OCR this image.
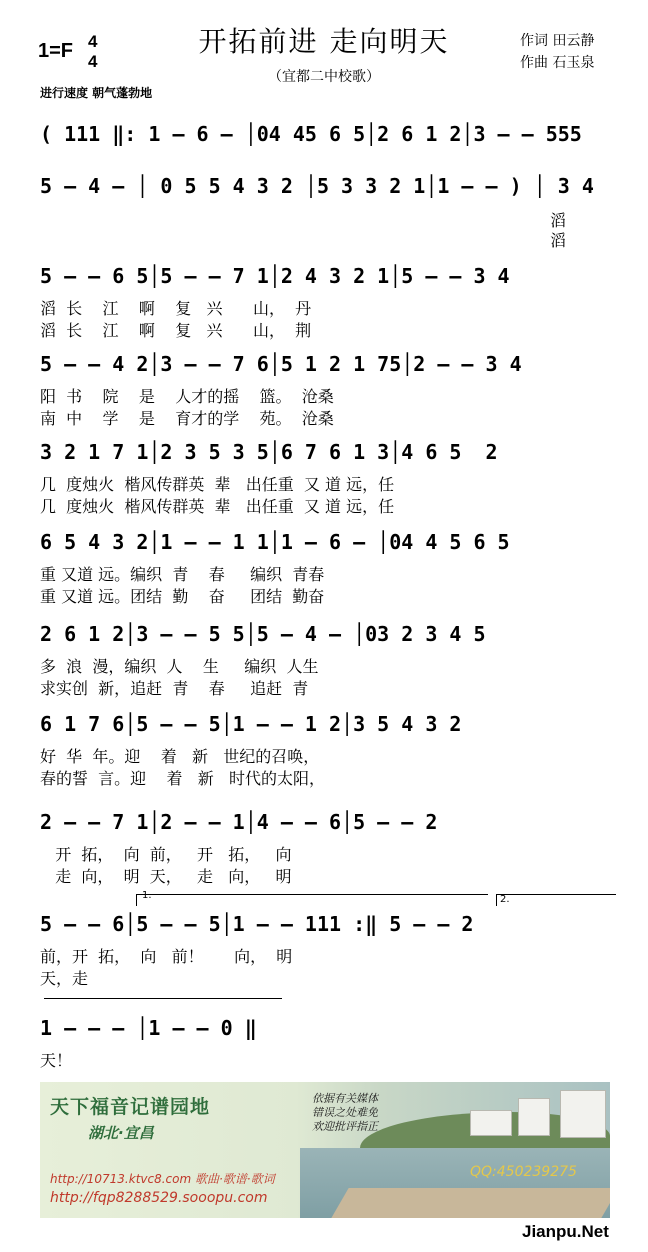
开拓前进 走向明天
（宜都二中校歌）
1=F 4
4
进行速度 朝气蓬勃地
作词 田云静
作曲 石玉泉
( 111 ‖: 1 – 6 – │04 45 6 5│2 6 1 2│3 – – 555
5 – 4 – │ 0 5 5 4 3 2 │5 3 3 2 1│1 – – ) │ 3 4
滔
滔
5 – – 6 5│5 – – 7 1│2 4 3 2 1│5 – – 3 4
滔  长    江    啊    复   兴      山，  丹
滔  长    江    啊    复   兴      山，  荆
5 – – 4 2│3 – – 7 6│5 1 2 1 75│2 – – 3 4
阳  书    院    是    人才的摇    篮。  沧桑
南  中    学    是    育才的学    苑。  沧桑
3 2 1 7 1│2 3 5 3 5│6 7 6 1 3│4 6 5  2
几  度烛火  楷风传群英  辈   出任重  又 道 远，任
几  度烛火  楷风传群英  辈   出任重  又 道 远，任
6 5 4 3 2│1 – – 1 1│1 – 6 – │04 4 5 6 5
重 又道 远。编织  青    春     编织  青春
重 又道 远。团结  勤    奋     团结  勤奋
2 6 1 2│3 – – 5 5│5 – 4 – │03 2 3 4 5
多  浪  漫，编织  人    生     编织  人生
求实创  新，追赶  青    春     追赶  青
6 1 7 6│5 – – 5│1 – – 1 2│3 5 4 3 2
好  华  年。迎    着   新   世纪的召唤，
春的誓  言。迎    着   新   时代的太阳，
2 – – 7 1│2 – – 1│4 – – 6│5 – – 2
开  拓，  向  前，   开   拓，   向
走  向，  明  天，   走   向，   明
1.	2.
5 – – 6│5 – – 5│1 – – 111 :‖ 5 – – 2
前，开  拓，  向   前！      向，  明
天，走
1 – – – │1 – – 0 ‖
天！
天下福音记谱园地
湖北·宜昌
依据有关媒体
错误之处难免
欢迎批评指正
http://10713.ktvc8.com 歌曲·歌谱·歌词
http://fqp8288529.sooopu.com
QQ:450239275
Jianpu.Net
